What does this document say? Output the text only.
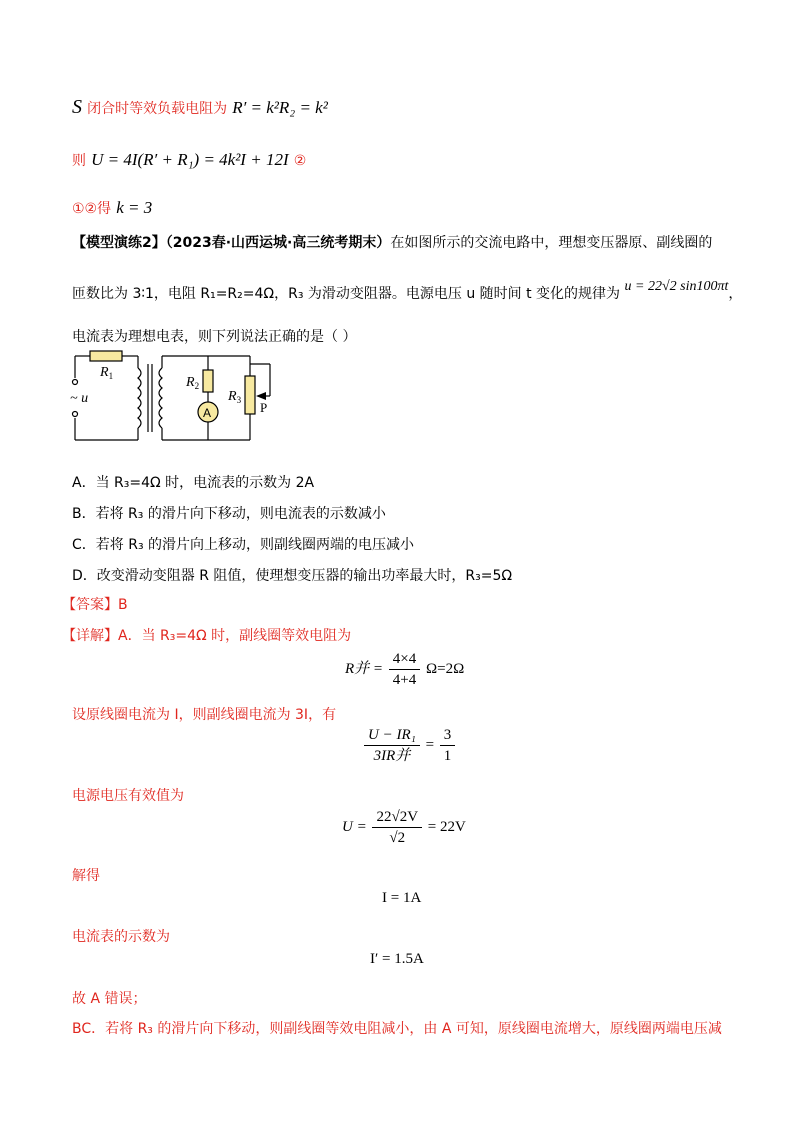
S 闭合时等效负载电阻为 R′ = k²R₂ = k²
则 U = 4I(R′ + R₁) = 4k²I + 12I ②
①②得 k = 3
【模型演练2】（2023春·山西运城·高三统考期末）在如图所示的交流电路中，理想变压器原、副线圈的
匝数比为 3∶1，电阻 R₁=R₂=4Ω，R₃ 为滑动变阻器。电源电压 u 随时间 t 变化的规律为 u = 22√2 sin100πt，
电流表为理想电表，则下列说法正确的是（ ）
$R_1$	$R_2$
$R_3$
A	P
~ u
A．当 R₃=4Ω 时，电流表的示数为 2A
B．若将 R₃ 的滑片向下移动，则电流表的示数减小
C．若将 R₃ 的滑片向上移动，则副线圈两端的电压减小
D．改变滑动变阻器 R 阻值，使理想变压器的输出功率最大时，R₃=5Ω
【答案】B
【详解】A．当 R₃=4Ω 时，副线圈等效电阻为
R并 = $\frac{4\times 4}{4+4} \Omega=2\Omega$
设原线圈电流为 I，则副线圈电流为 3I，有
$\frac{\text{U − IR₁}}{\text{3IR并}} = \frac{3}{1}$
电源电压有效值为
$U = \frac{22√2V}{√2} = 22V$
解得
I = 1A
电流表的示数为
I′ = 1.5A
故 A 错误；
BC．若将 R₃ 的滑片向下移动，则副线圈等效电阻减小，由 A 可知，原线圈电流增大，原线圈两端电压减
